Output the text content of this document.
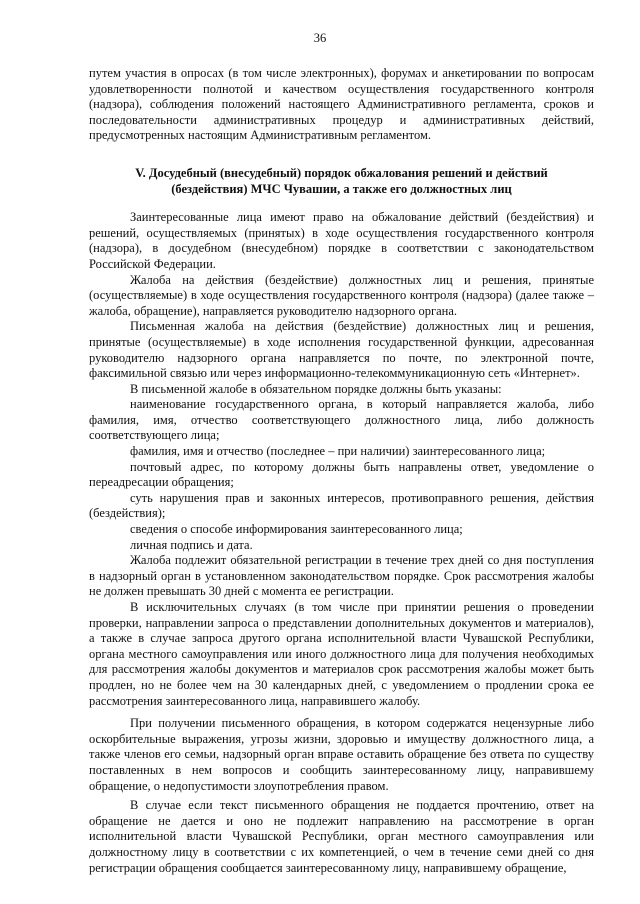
36

путем участия в опросах (в том числе электронных), форумах и анкетировании по вопросам удовлетворенности полнотой и качеством осуществления государственного контроля (надзора), соблюдения положений настоящего Административного регламента, сроков и последовательности административных процедур и административных действий, предусмотренных настоящим Административным регламентом.

V. Досудебный (внесудебный) порядок обжалования решений и действий
(бездействия) МЧС Чувашии, а также его должностных лиц

Заинтересованные лица имеют право на обжалование действий (бездействия) и решений, осуществляемых (принятых) в ходе осуществления государственного контроля (надзора), в досудебном (внесудебном) порядке в соответствии с законодательством Российской Федерации.

Жалоба на действия (бездействие) должностных лиц и решения, принятые (осуществляемые) в ходе осуществления государственного контроля (надзора) (далее также – жалоба, обращение), направляется руководителю надзорного органа.

Письменная жалоба на действия (бездействие) должностных лиц и решения, принятые (осуществляемые) в ходе исполнения государственной функции, адресованная руководителю надзорного органа направляется по почте, по электронной почте, факсимильной связью или через информационно-телекоммуникационную сеть «Интернет».

В письменной жалобе в обязательном порядке должны быть указаны:

наименование государственного органа, в который направляется жалоба, либо фамилия, имя, отчество соответствующего должностного лица, либо должность соответствующего лица;

фамилия, имя и отчество (последнее – при наличии) заинтересованного лица;

почтовый адрес, по которому должны быть направлены ответ, уведомление о переадресации обращения;

суть нарушения прав и законных интересов, противоправного решения, действия (бездействия);

сведения о способе информирования заинтересованного лица;

личная подпись и дата.

Жалоба подлежит обязательной регистрации в течение трех дней со дня поступления в надзорный орган в установленном законодательством порядке. Срок рассмотрения жалобы не должен превышать 30 дней с момента ее регистрации.

В исключительных случаях (в том числе при принятии решения о проведении проверки, направлении запроса о представлении дополнительных документов и материалов), а также в случае запроса другого органа исполнительной власти Чувашской Республики, органа местного самоуправления или иного должностного лица для получения необходимых для рассмотрения жалобы документов и материалов срок рассмотрения жалобы может быть продлен, но не более чем на 30 календарных дней, с уведомлением о продлении срока ее рассмотрения заинтересованного лица, направившего жалобу.

При получении письменного обращения, в котором содержатся нецензурные либо оскорбительные выражения, угрозы жизни, здоровью и имуществу должностного лица, а также членов его семьи, надзорный орган вправе оставить обращение без ответа по существу поставленных в нем вопросов и сообщить заинтересованному лицу, направившему обращение, о недопустимости злоупотребления правом.

В случае если текст письменного обращения не поддается прочтению, ответ на обращение не дается и оно не подлежит направлению на рассмотрение в орган исполнительной власти Чувашской Республики, орган местного самоуправления или должностному лицу в соответствии с их компетенцией, о чем в течение семи дней со дня регистрации обращения сообщается заинтересованному лицу, направившему обращение,
